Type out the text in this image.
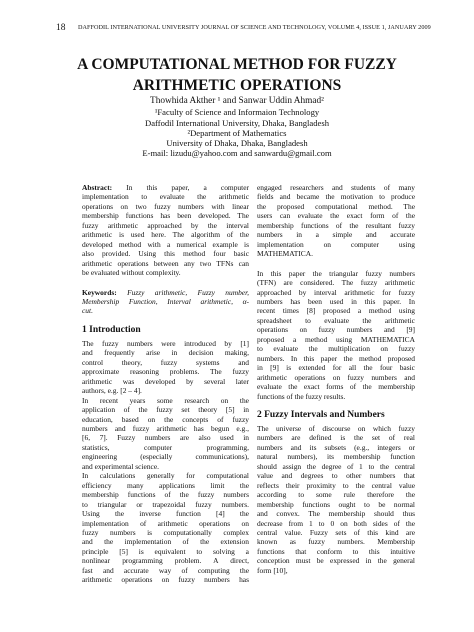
18 DAFFODIL INTERNATIONAL UNIVERSITY JOURNAL OF SCIENCE AND TECHNOLOGY, VOLUME 4, ISSUE 1, JANUARY 2009
A COMPUTATIONAL METHOD FOR FUZZY
ARITHMETIC OPERATIONS
Thowhida Akther ¹ and Sanwar Uddin Ahmad²
¹Faculty of Science and Informaion Technology
Daffodil International University, Dhaka, Bangladesh
²Department of Mathematics
University of Dhaka, Dhaka, Bangladesh
E-mail: lizudu@yahoo.com and sanwardu@gmail.com
Abstract: In this paper, a computer
implementation to evaluate the arithmetic
operations on two fuzzy numbers with linear
membership functions has been developed. The
fuzzy arithmetic approached by the interval
arithmetic is used here. The algorithm of the
developed method with a numerical example is
also provided. Using this method four basic
arithmetic operations between any two TFNs can
be evaluated without complexity.
Keywords: Fuzzy arithmetic, Fuzzy number,
Membership Function, Interval arithmetic, α-
cut.
1 Introduction
The fuzzy numbers were introduced by [1]
and frequently arise in decision making,
control theory, fuzzy systems and
approximate reasoning problems. The fuzzy
arithmetic was developed by several later
authors, e.g. [2 – 4].
In recent years some research on the
application of the fuzzy set theory [5] in
education, based on the concepts of fuzzy
numbers and fuzzy arithmetic has begun e.g.,
[6, 7]. Fuzzy numbers are also used in
statistics, computer programming,
engineering (especially communications),
and experimental science.
In calculations generally for computational
efficiency many applications limit the
membership functions of the fuzzy numbers
to triangular or trapezoidal fuzzy numbers.
Using the inverse function [4] the
implementation of arithmetic operations on
fuzzy numbers is computationally complex
and the implementation of the extension
principle [5] is equivalent to solving a
nonlinear programming problem. A direct,
fast and accurate way of computing the
arithmetic operations on fuzzy numbers has
engaged researchers and students of many
fields and became the motivation to produce
the proposed computational method. The
users can evaluate the exact form of the
membership functions of the resultant fuzzy
numbers in a simple and accurate
implementation on computer using
MATHEMATICA.
In this paper the triangular fuzzy numbers
(TFN) are considered. The fuzzy arithmetic
approached by interval arithmetic for fuzzy
numbers has been used in this paper. In
recent times [8] proposed a method using
spreadsheet to evaluate the arithmetic
operations on fuzzy numbers and [9]
proposed a method using MATHEMATICA
to evaluate the multiplication on fuzzy
numbers. In this paper the method proposed
in [9] is extended for all the four basic
arithmetic operations on fuzzy numbers and
evaluate the exact forms of the membership
functions of the fuzzy results.
2 Fuzzy Intervals and Numbers
The universe of discourse on which fuzzy
numbers are defined is the set of real
numbers and its subsets (e.g., integers or
natural numbers), its membership function
should assign the degree of 1 to the central
value and degrees to other numbers that
reflects their proximity to the central value
according to some rule therefore the
membership functions ought to be normal
and convex. The membership should thus
decrease from 1 to 0 on both sides of the
central value. Fuzzy sets of this kind are
known as fuzzy numbers. Membership
functions that conform to this intuitive
conception must be expressed in the general
form [10],
